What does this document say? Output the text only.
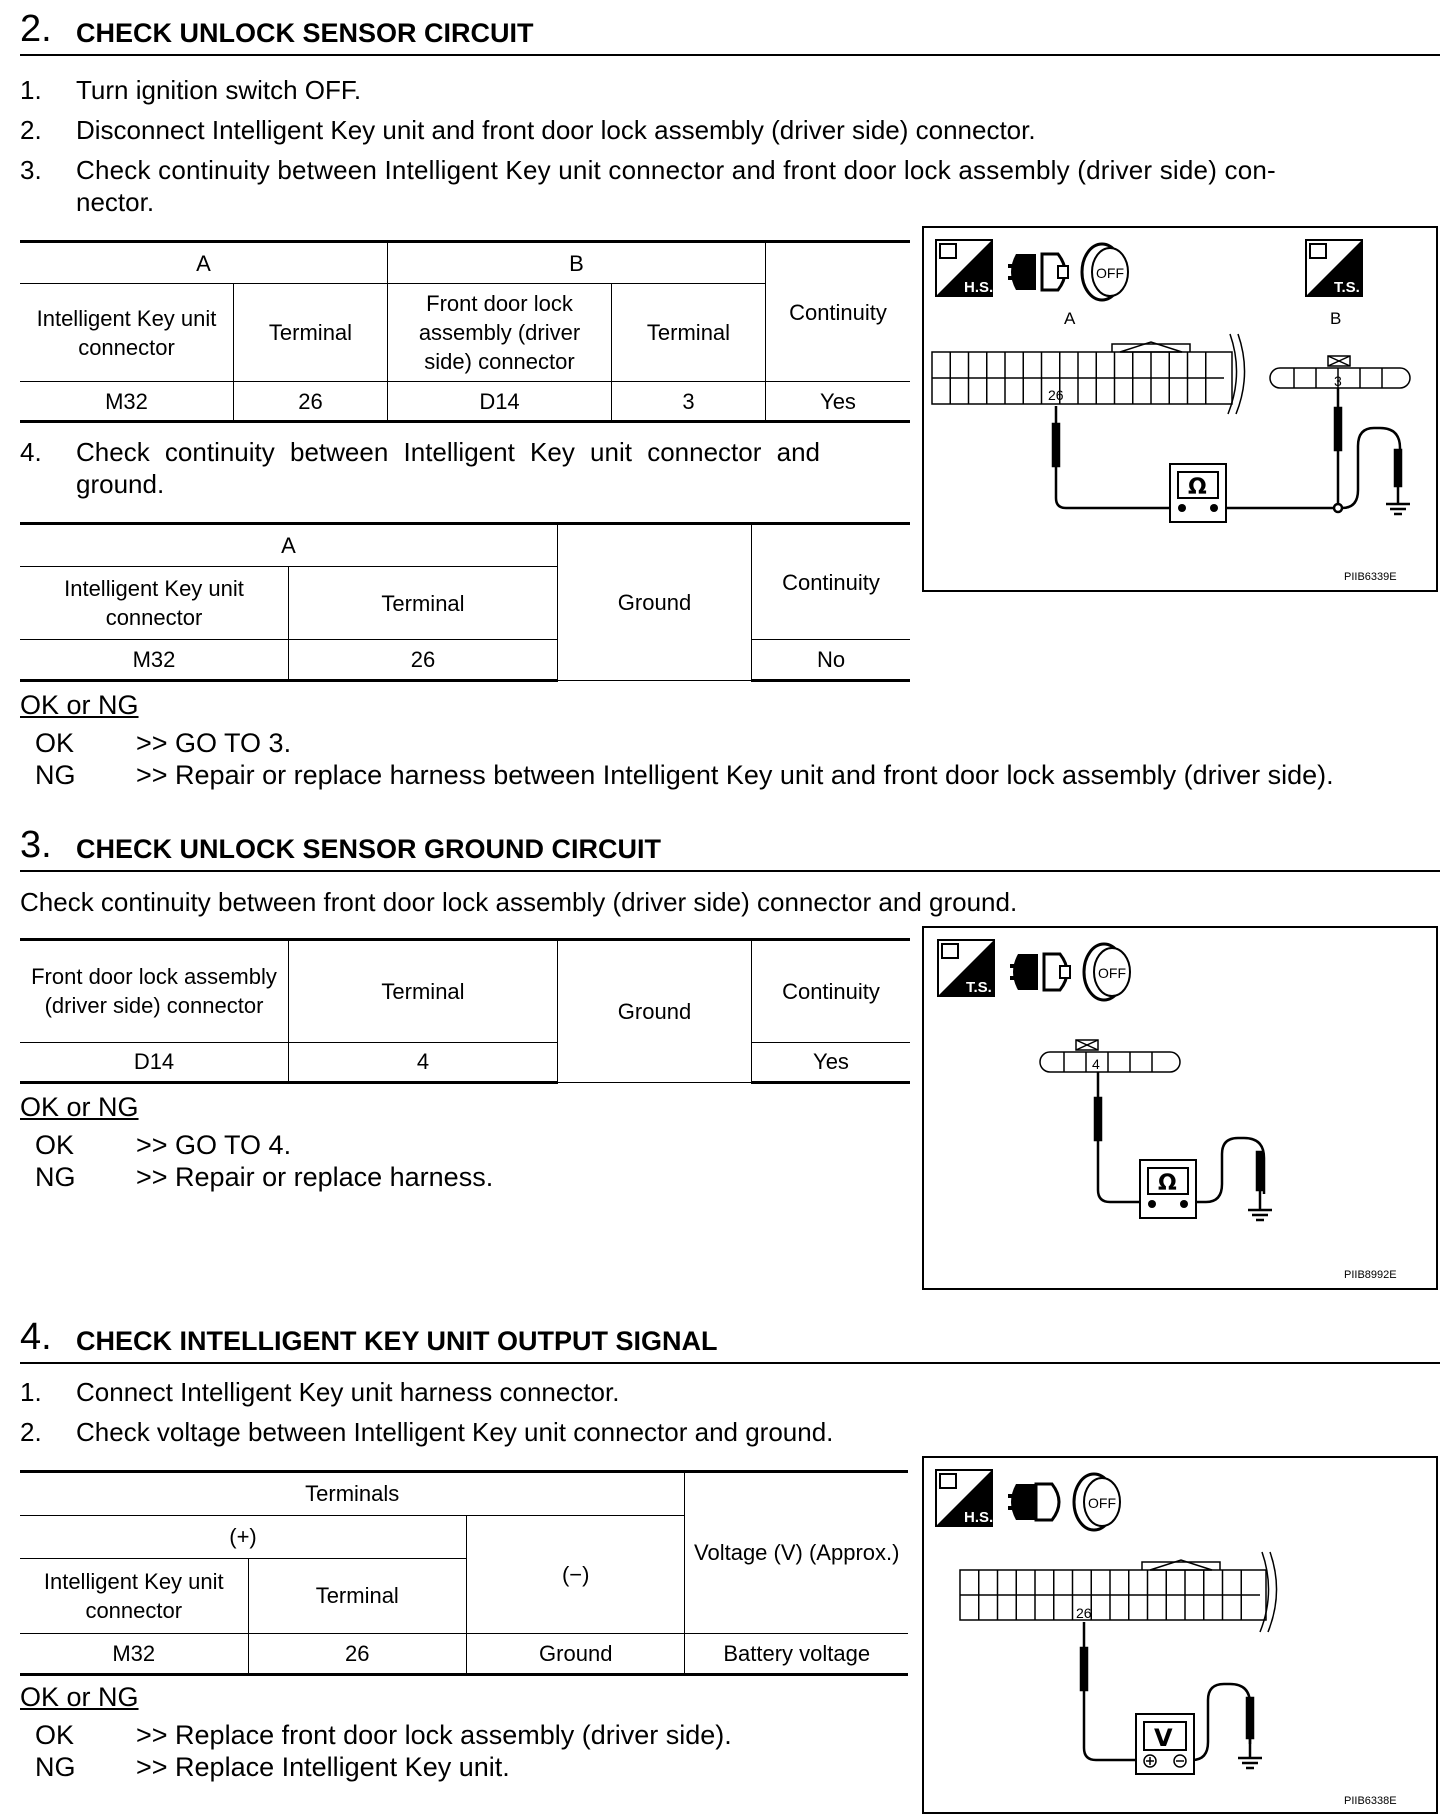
2. CHECK UNLOCK SENSOR CIRCUIT
1. Turn ignition switch OFF.
2. Disconnect Intelligent Key unit and front door lock assembly (driver side) connector.
3. Check continuity between Intelligent Key unit connector and front door lock assembly (driver side) con-
nector.
A		B		Continuity
Intelligent Key unit connector	Terminal	Front door lock assembly (driver side) connector	Terminal	
M32	26	D14	3	Yes
4. Check continuity between Intelligent Key unit connector and
ground.
A		Ground	Continuity
Intelligent Key unit connector	Terminal		
M32	26		No
H.S.
OFF
T.S.
A	B
26
3
Ω
PIIB6339E
OK or NG
OK >> GO TO 3.
NG >> Repair or replace harness between Intelligent Key unit and front door lock assembly (driver side).
3. CHECK UNLOCK SENSOR GROUND CIRCUIT
Check continuity between front door lock assembly (driver side) connector and ground.
Front door lock assembly (driver side) connector	Terminal	Ground	Continuity
D14	4		Yes
T.S.
OFF
4
Ω
PIIB8992E
OK or NG
OK >> GO TO 4.
NG >> Repair or replace harness.
4. CHECK INTELLIGENT KEY UNIT OUTPUT SIGNAL
1. Connect Intelligent Key unit harness connector.
2. Check voltage between Intelligent Key unit connector and ground.
Terminals			Voltage (V) (Approx.)
(+)		(−)	
Intelligent Key unit connector	Terminal		
M32	26	Ground	Battery voltage
H.S.
OFF
26
V
PIIB6338E
OK or NG
OK >> Replace front door lock assembly (driver side).
NG >> Replace Intelligent Key unit.
